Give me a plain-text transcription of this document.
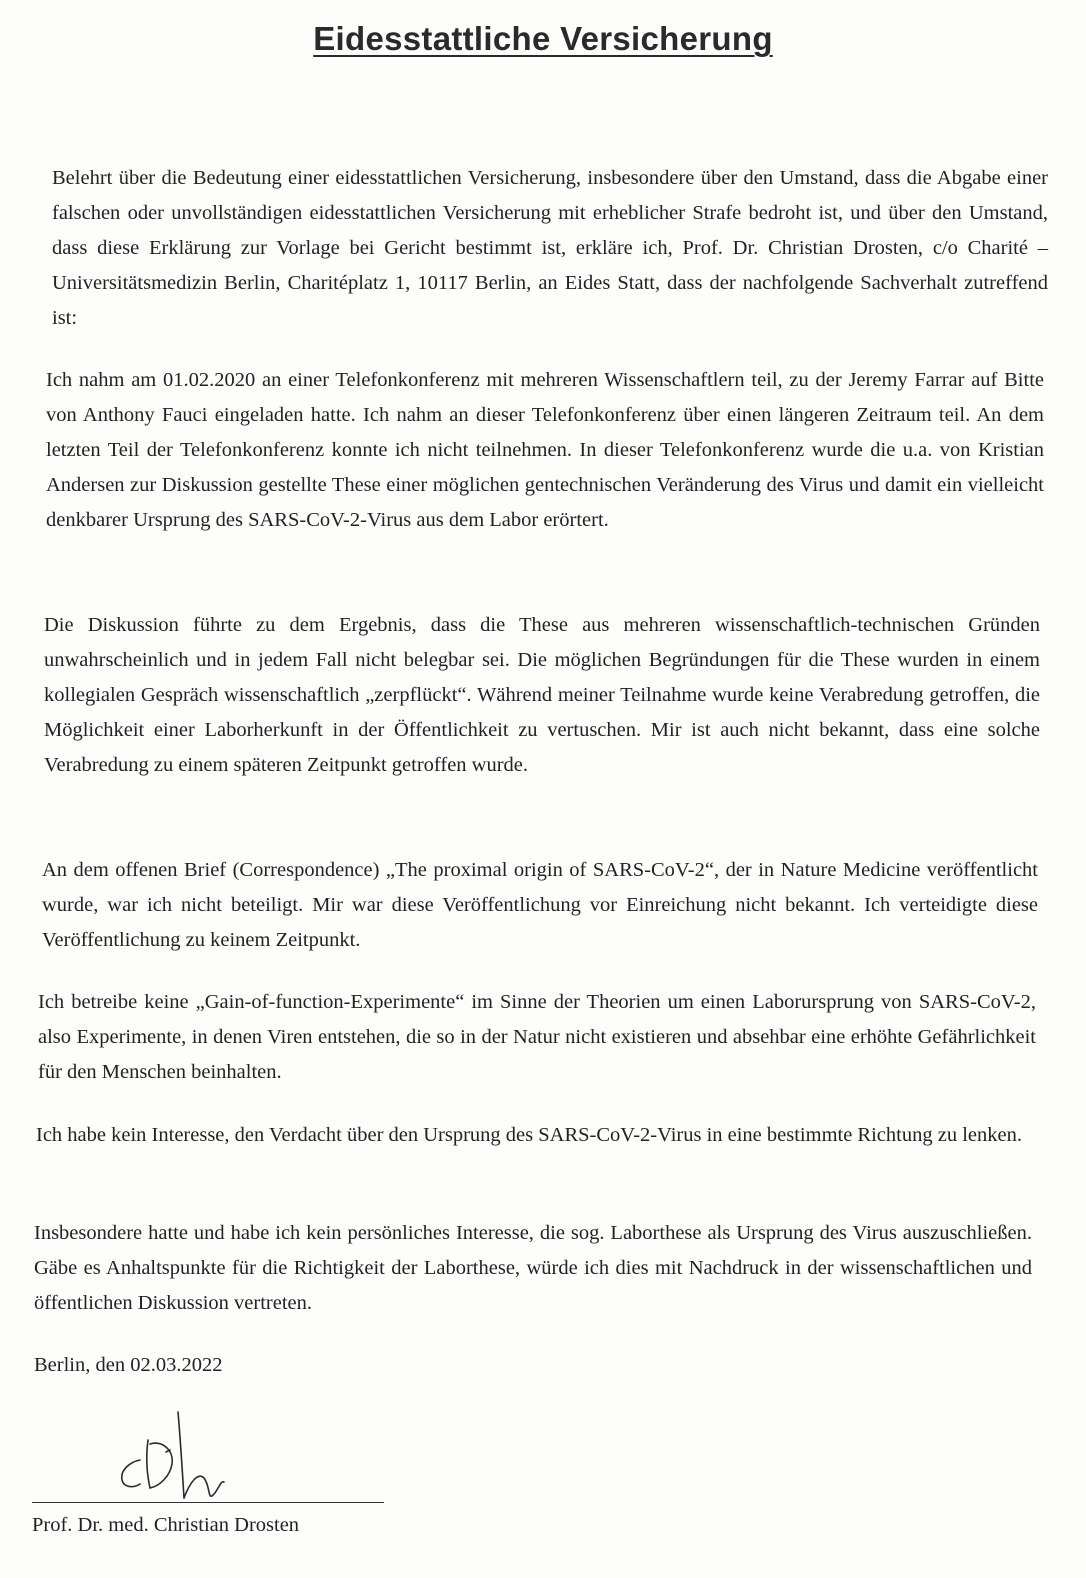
Eidesstattliche Versicherung
Belehrt über die Bedeutung einer eidesstattlichen Versicherung, insbesondere über den Umstand, dass die Abgabe einer falschen oder unvollständigen eidesstattlichen Versicherung mit erheblicher Strafe bedroht ist, und über den Umstand, dass diese Erklärung zur Vorlage bei Gericht bestimmt ist, erkläre ich, Prof. Dr. Christian Drosten, c/o Charité – Universitätsmedizin Berlin, Charitéplatz 1, 10117 Berlin, an Eides Statt, dass der nachfolgende Sachverhalt zutreffend ist:
Ich nahm am 01.02.2020 an einer Telefonkonferenz mit mehreren Wissenschaftlern teil, zu der Jeremy Farrar auf Bitte von Anthony Fauci eingeladen hatte. Ich nahm an dieser Telefonkonferenz über einen längeren Zeitraum teil. An dem letzten Teil der Telefonkonferenz konnte ich nicht teilnehmen. In dieser Telefonkonferenz wurde die u.a. von Kristian Andersen zur Diskussion gestellte These einer möglichen gentechnischen Veränderung des Virus und damit ein vielleicht denkbarer Ursprung des SARS-CoV-2-Virus aus dem Labor erörtert.
Die Diskussion führte zu dem Ergebnis, dass die These aus mehreren wissenschaftlich-technischen Gründen unwahrscheinlich und in jedem Fall nicht belegbar sei. Die möglichen Begründungen für die These wurden in einem kollegialen Gespräch wissenschaftlich „zerpflückt“. Während meiner Teilnahme wurde keine Verabredung getroffen, die Möglichkeit einer Laborherkunft in der Öffentlichkeit zu vertuschen. Mir ist auch nicht bekannt, dass eine solche Verabredung zu einem späteren Zeitpunkt getroffen wurde.
An dem offenen Brief (Correspondence) „The proximal origin of SARS-CoV-2“, der in Nature Medicine veröffentlicht wurde, war ich nicht beteiligt. Mir war diese Veröffentlichung vor Einreichung nicht bekannt. Ich verteidigte diese Veröffentlichung zu keinem Zeitpunkt.
Ich betreibe keine „Gain-of-function-Experimente“ im Sinne der Theorien um einen Laborursprung von SARS-CoV-2, also Experimente, in denen Viren entstehen, die so in der Natur nicht existieren und absehbar eine erhöhte Gefährlichkeit für den Menschen beinhalten.
Ich habe kein Interesse, den Verdacht über den Ursprung des SARS-CoV-2-Virus in eine bestimmte Richtung zu lenken.
Insbesondere hatte und habe ich kein persönliches Interesse, die sog. Laborthese als Ursprung des Virus auszuschließen. Gäbe es Anhaltspunkte für die Richtigkeit der Laborthese, würde ich dies mit Nachdruck in der wissenschaftlichen und öffentlichen Diskussion vertreten.
Berlin, den 02.03.2022
Prof. Dr. med. Christian Drosten
